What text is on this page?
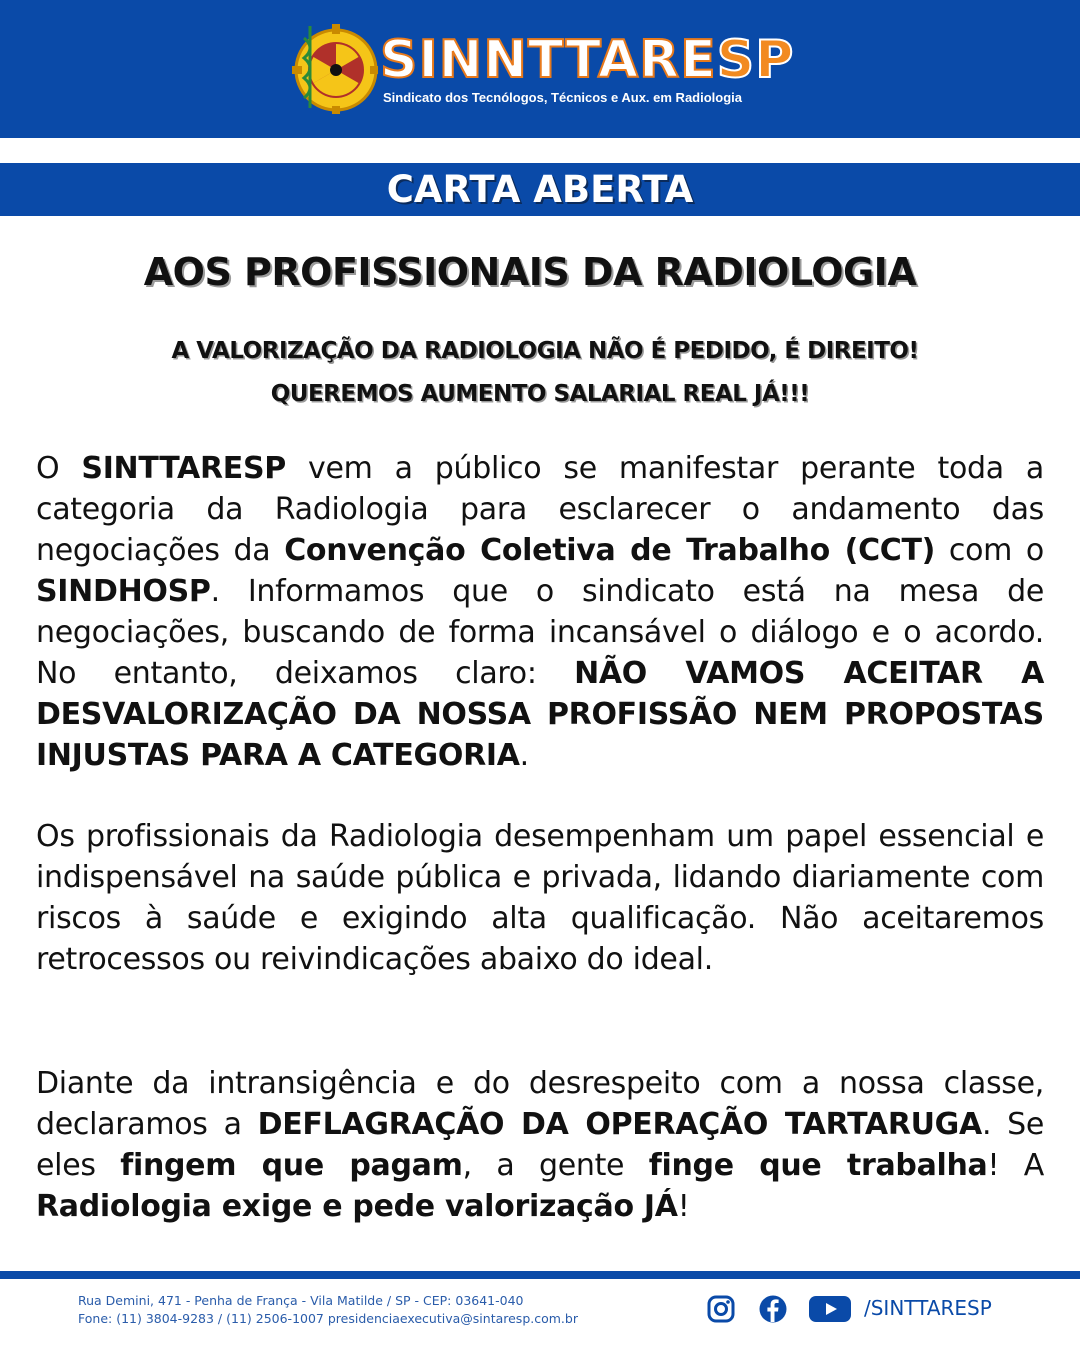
SINNTTARESP
Sindicato dos Tecnólogos, Técnicos e Aux. em Radiologia
CARTA ABERTA
AOS PROFISSIONAIS DA RADIOLOGIA
A VALORIZAÇÃO DA RADIOLOGIA NÃO É PEDIDO, É DIREITO!
QUEREMOS AUMENTO SALARIAL REAL JÁ!!!

O SINTTARESP vem a público se manifestar perante toda a categoria da Radiologia para esclarecer o andamento das negociações da Convenção Coletiva de Trabalho (CCT) com o SINDHOSP. Informamos que o sindicato está na mesa de negociações, buscando de forma incansável o diálogo e o acordo. No entanto, deixamos claro: NÃO VAMOS ACEITAR A DESVALORIZAÇÃO DA NOSSA PROFISSÃO NEM PROPOSTAS INJUSTAS PARA A CATEGORIA.

Os profissionais da Radiologia desempenham um papel essencial e indispensável na saúde pública e privada, lidando diariamente com riscos à saúde e exigindo alta qualificação. Não aceitaremos retrocessos ou reivindicações abaixo do ideal.

Diante da intransigência e do desrespeito com a nossa classe, declaramos a DEFLAGRAÇÃO DA OPERAÇÃO TARTARUGA. Se eles fingem que pagam, a gente finge que trabalha! A Radiologia exige e pede valorização JÁ!

Rua Demini, 471 - Penha de França - Vila Matilde / SP - CEP: 03641-040
Fone: (11) 3804-9283 / (11) 2506-1007 presidenciaexecutiva@sintaresp.com.br	/SINTTARESP
